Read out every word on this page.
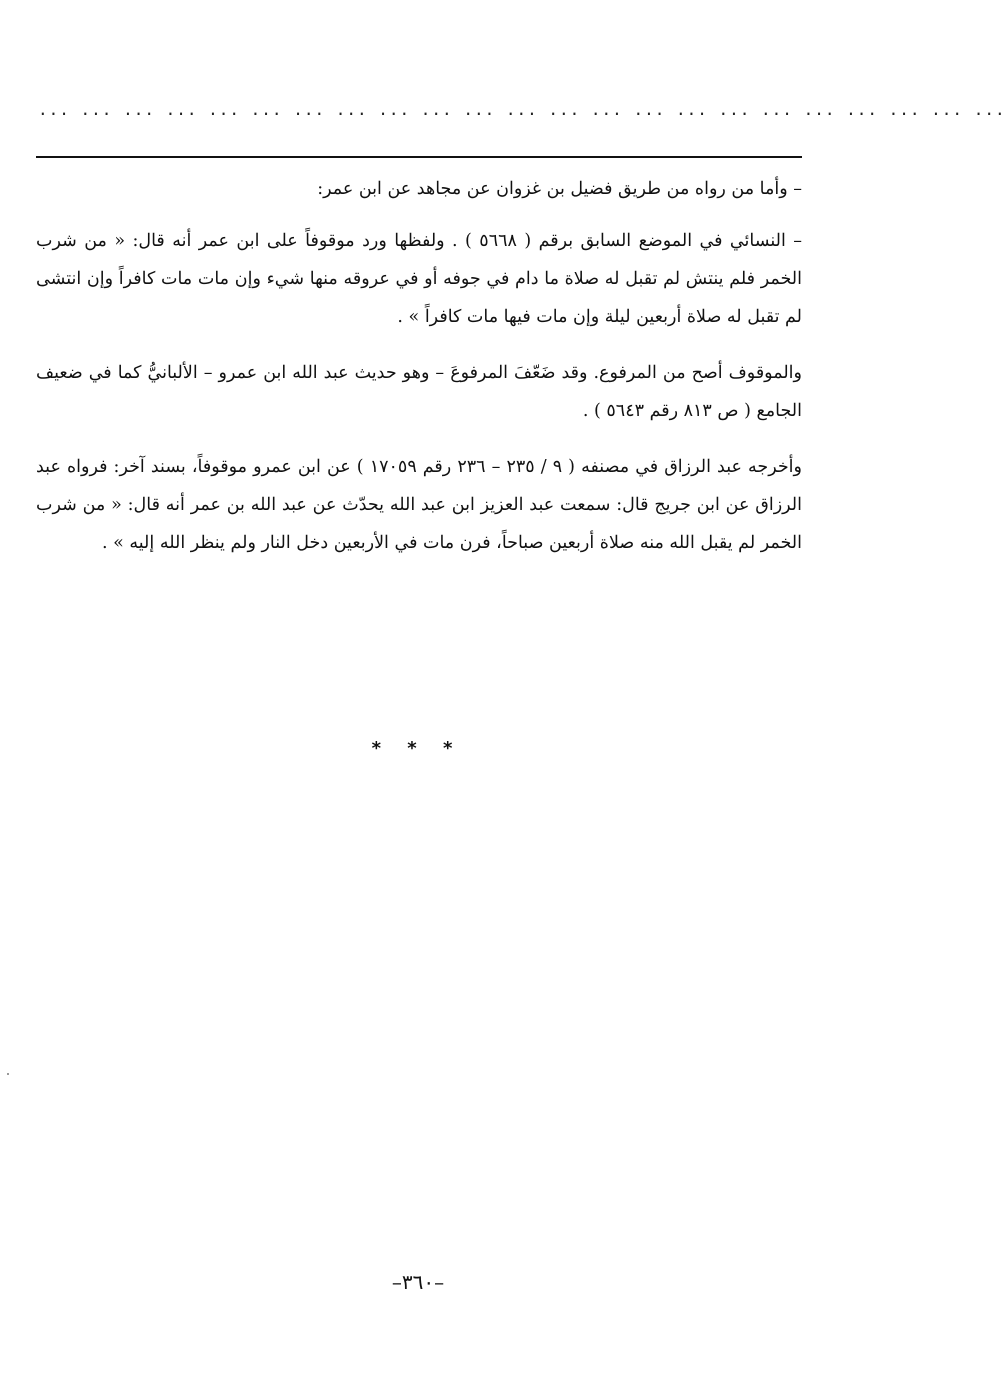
... ... ... ... ... ... ... ... ... ... ... ... ... ... ... ... ... ... ... ... ... ... ...

– وأما من رواه من طريق فضيل بن غزوان عن مجاهد عن ابن عمر:

– النسائي في الموضع السابق برقم ( ٥٦٦٨ ) . ولفظها ورد موقوفاً على ابن عمر أنه قال: « من شرب الخمر فلم ينتش لم تقبل له صلاة ما دام في جوفه أو في عروقه منها شيء وإن مات مات كافراً وإن انتشى لم تقبل له صلاة أربعين ليلة وإن مات فيها مات كافراً » .

والموقوف أصح من المرفوع. وقد ضَعّفَ المرفوعَ – وهو حديث عبد الله ابن عمرو – الألبانيُّ كما في ضعيف الجامع ( ص ٨١٣ رقم ٥٦٤٣ ) .

وأخرجه عبد الرزاق في مصنفه ( ٩ / ٢٣٥ – ٢٣٦ رقم ١٧٠٥٩ ) عن ابن عمرو موقوفاً، بسند آخر: فرواه عبد الرزاق عن ابن جريج قال: سمعت عبد العزيز ابن عبد الله يحدّث عن عبد الله بن عمر أنه قال: « من شرب الخمر لم يقبل الله منه صلاة أربعين صباحاً، فرن مات في الأربعين دخل النار ولم ينظر الله إليه » .

* * *
–٣٦٠–
